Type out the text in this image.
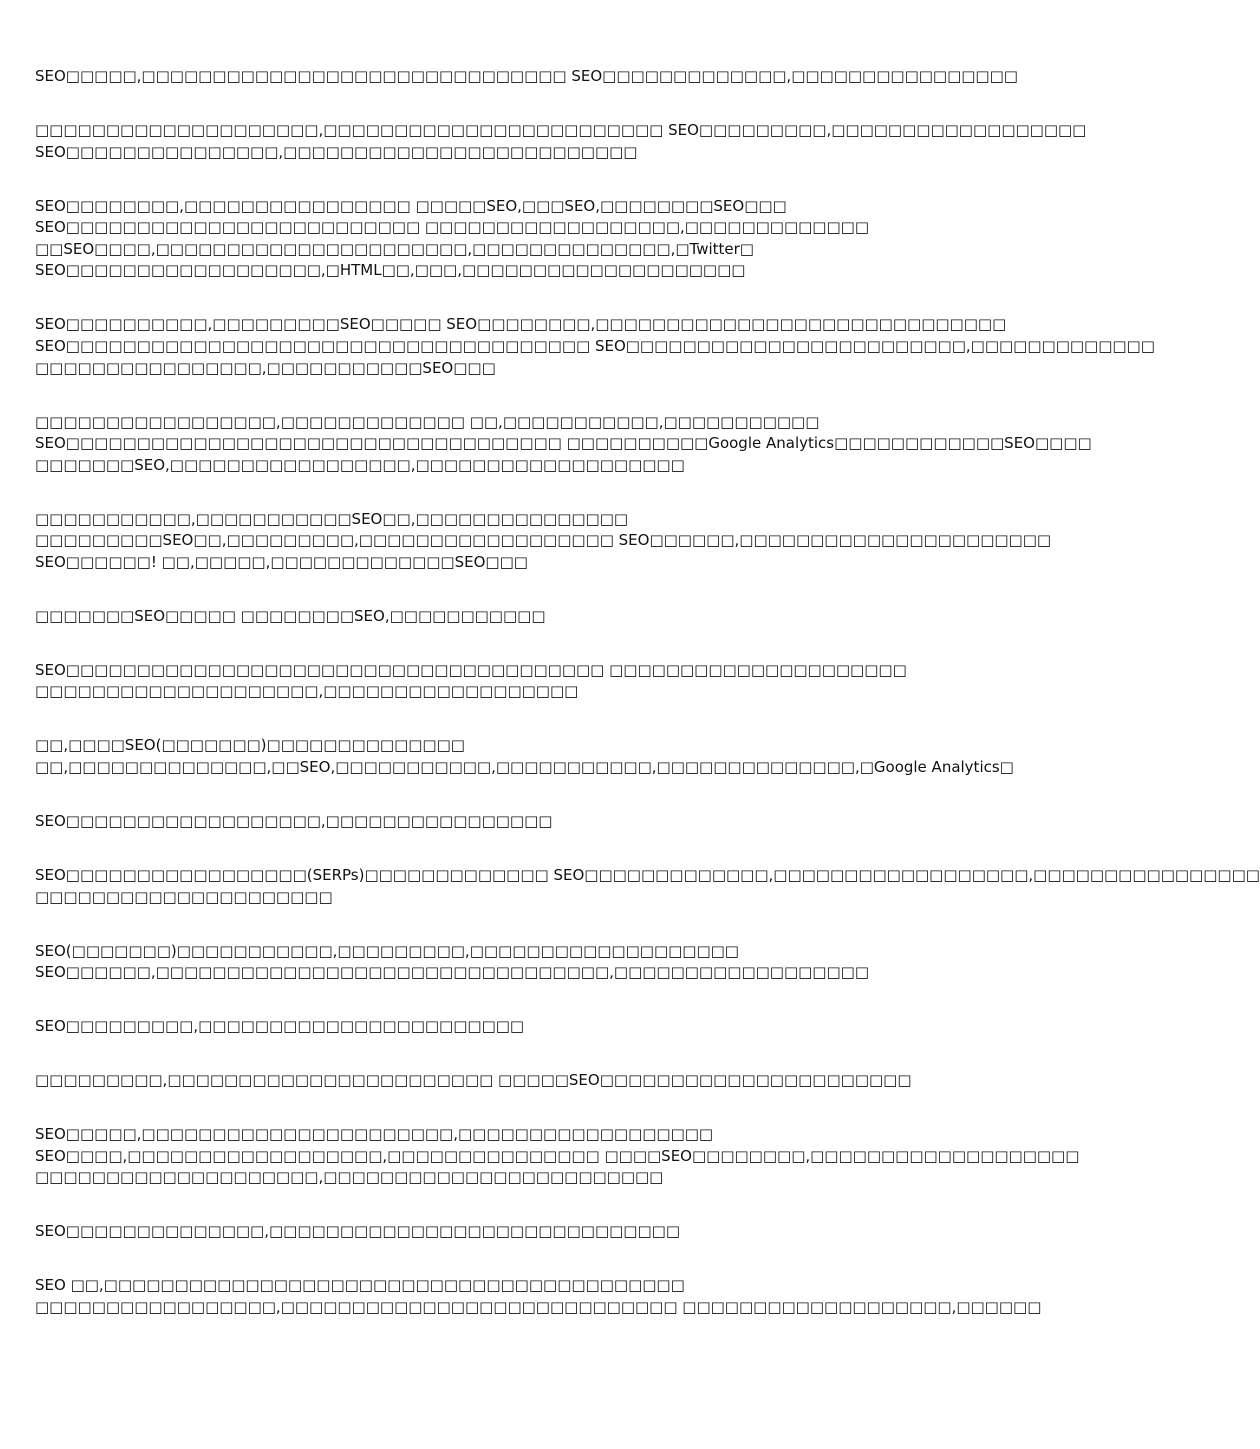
SEO□□□□□,□□□□□□□□□□□□□□□□□□□□□□□□□□□□□□ SEO□□□□□□□□□□□□□,□□□□□□□□□□□□□□□□
□□□□□□□□□□□□□□□□□□□□,□□□□□□□□□□□□□□□□□□□□□□□□ SEO□□□□□□□□□,□□□□□□□□□□□□□□□□□□
SEO□□□□□□□□□□□□□□□,□□□□□□□□□□□□□□□□□□□□□□□□□
SEO□□□□□□□□,□□□□□□□□□□□□□□□□ □□□□□SEO,□□□SEO,□□□□□□□□SEO□□□
SEO□□□□□□□□□□□□□□□□□□□□□□□□□ □□□□□□□□□□□□□□□□□□,□□□□□□□□□□□□□
□□SEO□□□□,□□□□□□□□□□□□□□□□□□□□□□,□□□□□□□□□□□□□□,□Twitter□
SEO□□□□□□□□□□□□□□□□□□,□HTML□□,□□□,□□□□□□□□□□□□□□□□□□□□
SEO□□□□□□□□□□,□□□□□□□□□SEO□□□□□ SEO□□□□□□□□,□□□□□□□□□□□□□□□□□□□□□□□□□□□□□
SEO□□□□□□□□□□□□□□□□□□□□□□□□□□□□□□□□□□□□□ SEO□□□□□□□□□□□□□□□□□□□□□□□□,□□□□□□□□□□□□□
□□□□□□□□□□□□□□□□,□□□□□□□□□□□SEO□□□
□□□□□□□□□□□□□□□□□,□□□□□□□□□□□□□ □□,□□□□□□□□□□□,□□□□□□□□□□□
SEO□□□□□□□□□□□□□□□□□□□□□□□□□□□□□□□□□□□ □□□□□□□□□□Google Analytics□□□□□□□□□□□□SEO□□□□
□□□□□□□SEO,□□□□□□□□□□□□□□□□□,□□□□□□□□□□□□□□□□□□□
□□□□□□□□□□□,□□□□□□□□□□□SEO□□,□□□□□□□□□□□□□□□
□□□□□□□□□SEO□□,□□□□□□□□□,□□□□□□□□□□□□□□□□□□ SEO□□□□□□,□□□□□□□□□□□□□□□□□□□□□□
SEO□□□□□□! □□,□□□□□,□□□□□□□□□□□□□SEO□□□
□□□□□□□SEO□□□□□ □□□□□□□□SEO,□□□□□□□□□□□
SEO□□□□□□□□□□□□□□□□□□□□□□□□□□□□□□□□□□□□□□ □□□□□□□□□□□□□□□□□□□□□
□□□□□□□□□□□□□□□□□□□□,□□□□□□□□□□□□□□□□□□
□□,□□□□SEO(□□□□□□□)□□□□□□□□□□□□□□
□□,□□□□□□□□□□□□□□,□□SEO,□□□□□□□□□□□,□□□□□□□□□□□,□□□□□□□□□□□□□□,□Google Analytics□
SEO□□□□□□□□□□□□□□□□□□,□□□□□□□□□□□□□□□□
SEO□□□□□□□□□□□□□□□□□(SERPs)□□□□□□□□□□□□□ SEO□□□□□□□□□□□□□,□□□□□□□□□□□□□□□□□□,□□□□□□□□□□□□□□□□
□□□□□□□□□□□□□□□□□□□□□
SEO(□□□□□□□)□□□□□□□□□□□,□□□□□□□□□,□□□□□□□□□□□□□□□□□□□
SEO□□□□□□,□□□□□□□□□□□□□□□□□□□□□□□□□□□□□□□□,□□□□□□□□□□□□□□□□□□
SEO□□□□□□□□□,□□□□□□□□□□□□□□□□□□□□□□□
□□□□□□□□□,□□□□□□□□□□□□□□□□□□□□□□□ □□□□□SEO□□□□□□□□□□□□□□□□□□□□□□
SEO□□□□□,□□□□□□□□□□□□□□□□□□□□□□,□□□□□□□□□□□□□□□□□□
SEO□□□□,□□□□□□□□□□□□□□□□□□,□□□□□□□□□□□□□□□ □□□□SEO□□□□□□□□,□□□□□□□□□□□□□□□□□□□
□□□□□□□□□□□□□□□□□□□□,□□□□□□□□□□□□□□□□□□□□□□□□
SEO□□□□□□□□□□□□□□,□□□□□□□□□□□□□□□□□□□□□□□□□□□□□
SEO □□,□□□□□□□□□□□□□□□□□□□□□□□□□□□□□□□□□□□□□□□□□
□□□□□□□□□□□□□□□□□,□□□□□□□□□□□□□□□□□□□□□□□□□□□□ □□□□□□□□□□□□□□□□□□□,□□□□□□
